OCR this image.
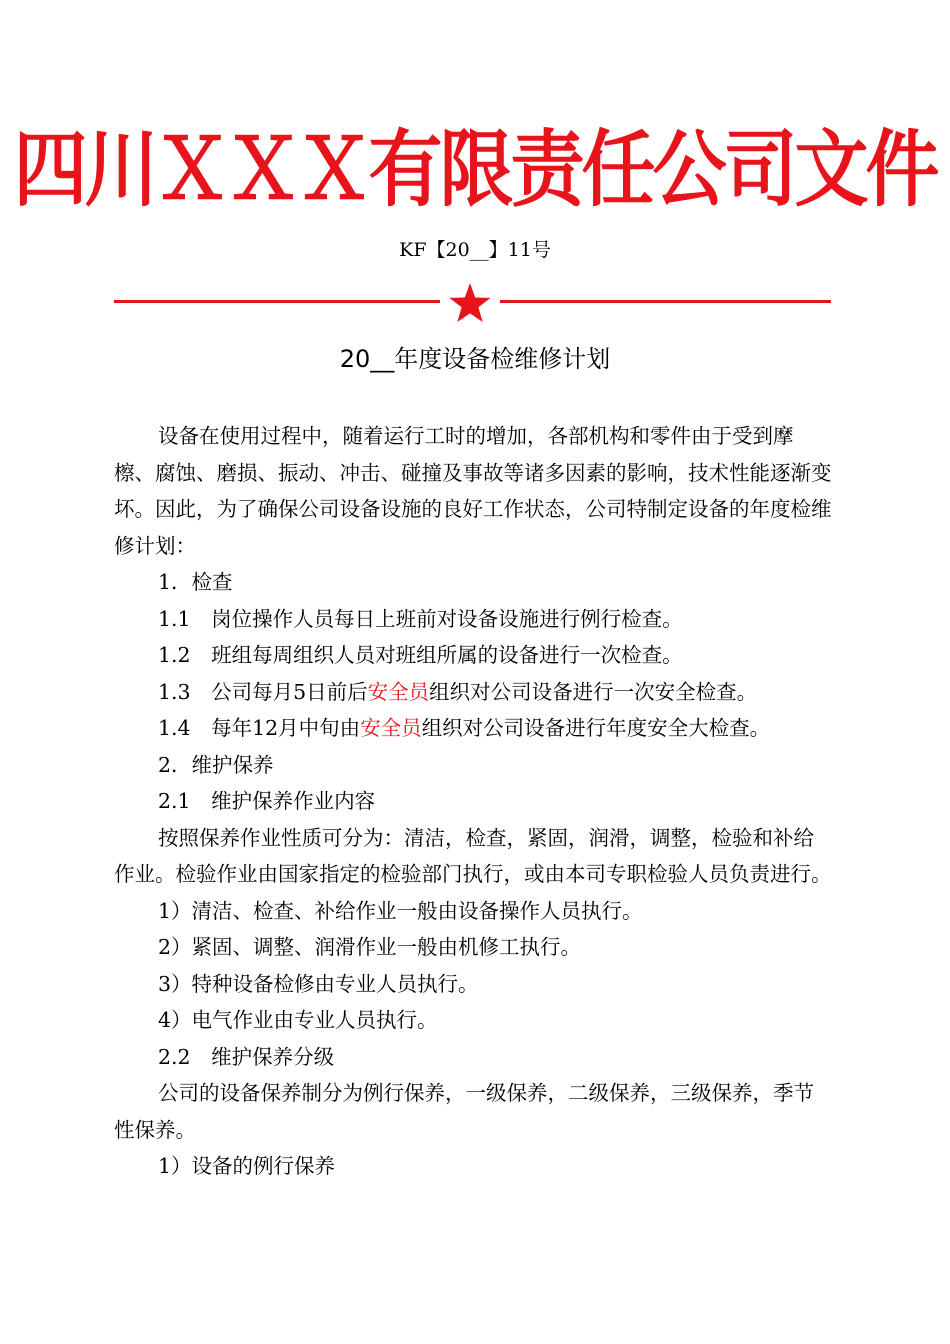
四川ＸＸＸ有限责任公司文件
KF【20__】11号
20__年度设备检维修计划

设备在使用过程中，随着运行工时的增加，各部机构和零件由于受到摩檫、腐蚀、磨损、振动、冲击、碰撞及事故等诸多因素的影响，技术性能逐渐变坏。因此，为了确保公司设备设施的良好工作状态，公司特制定设备的年度检维修计划：

1．检查

1.1　岗位操作人员每日上班前对设备设施进行例行检查。

1.2　班组每周组织人员对班组所属的设备进行一次检查。

1.3　公司每月5日前后安全员组织对公司设备进行一次安全检查。

1.4　每年12月中旬由安全员组织对公司设备进行年度安全大检查。

2．维护保养

2.1　维护保养作业内容

按照保养作业性质可分为：清洁，检查，紧固，润滑，调整，检验和补给作业。检验作业由国家指定的检验部门执行，或由本司专职检验人员负责进行。

1）清洁、检查、补给作业一般由设备操作人员执行。

2）紧固、调整、润滑作业一般由机修工执行。

3）特种设备检修由专业人员执行。

4）电气作业由专业人员执行。

2.2　维护保养分级

公司的设备保养制分为例行保养，一级保养，二级保养，三级保养，季节性保养。

1）设备的例行保养
